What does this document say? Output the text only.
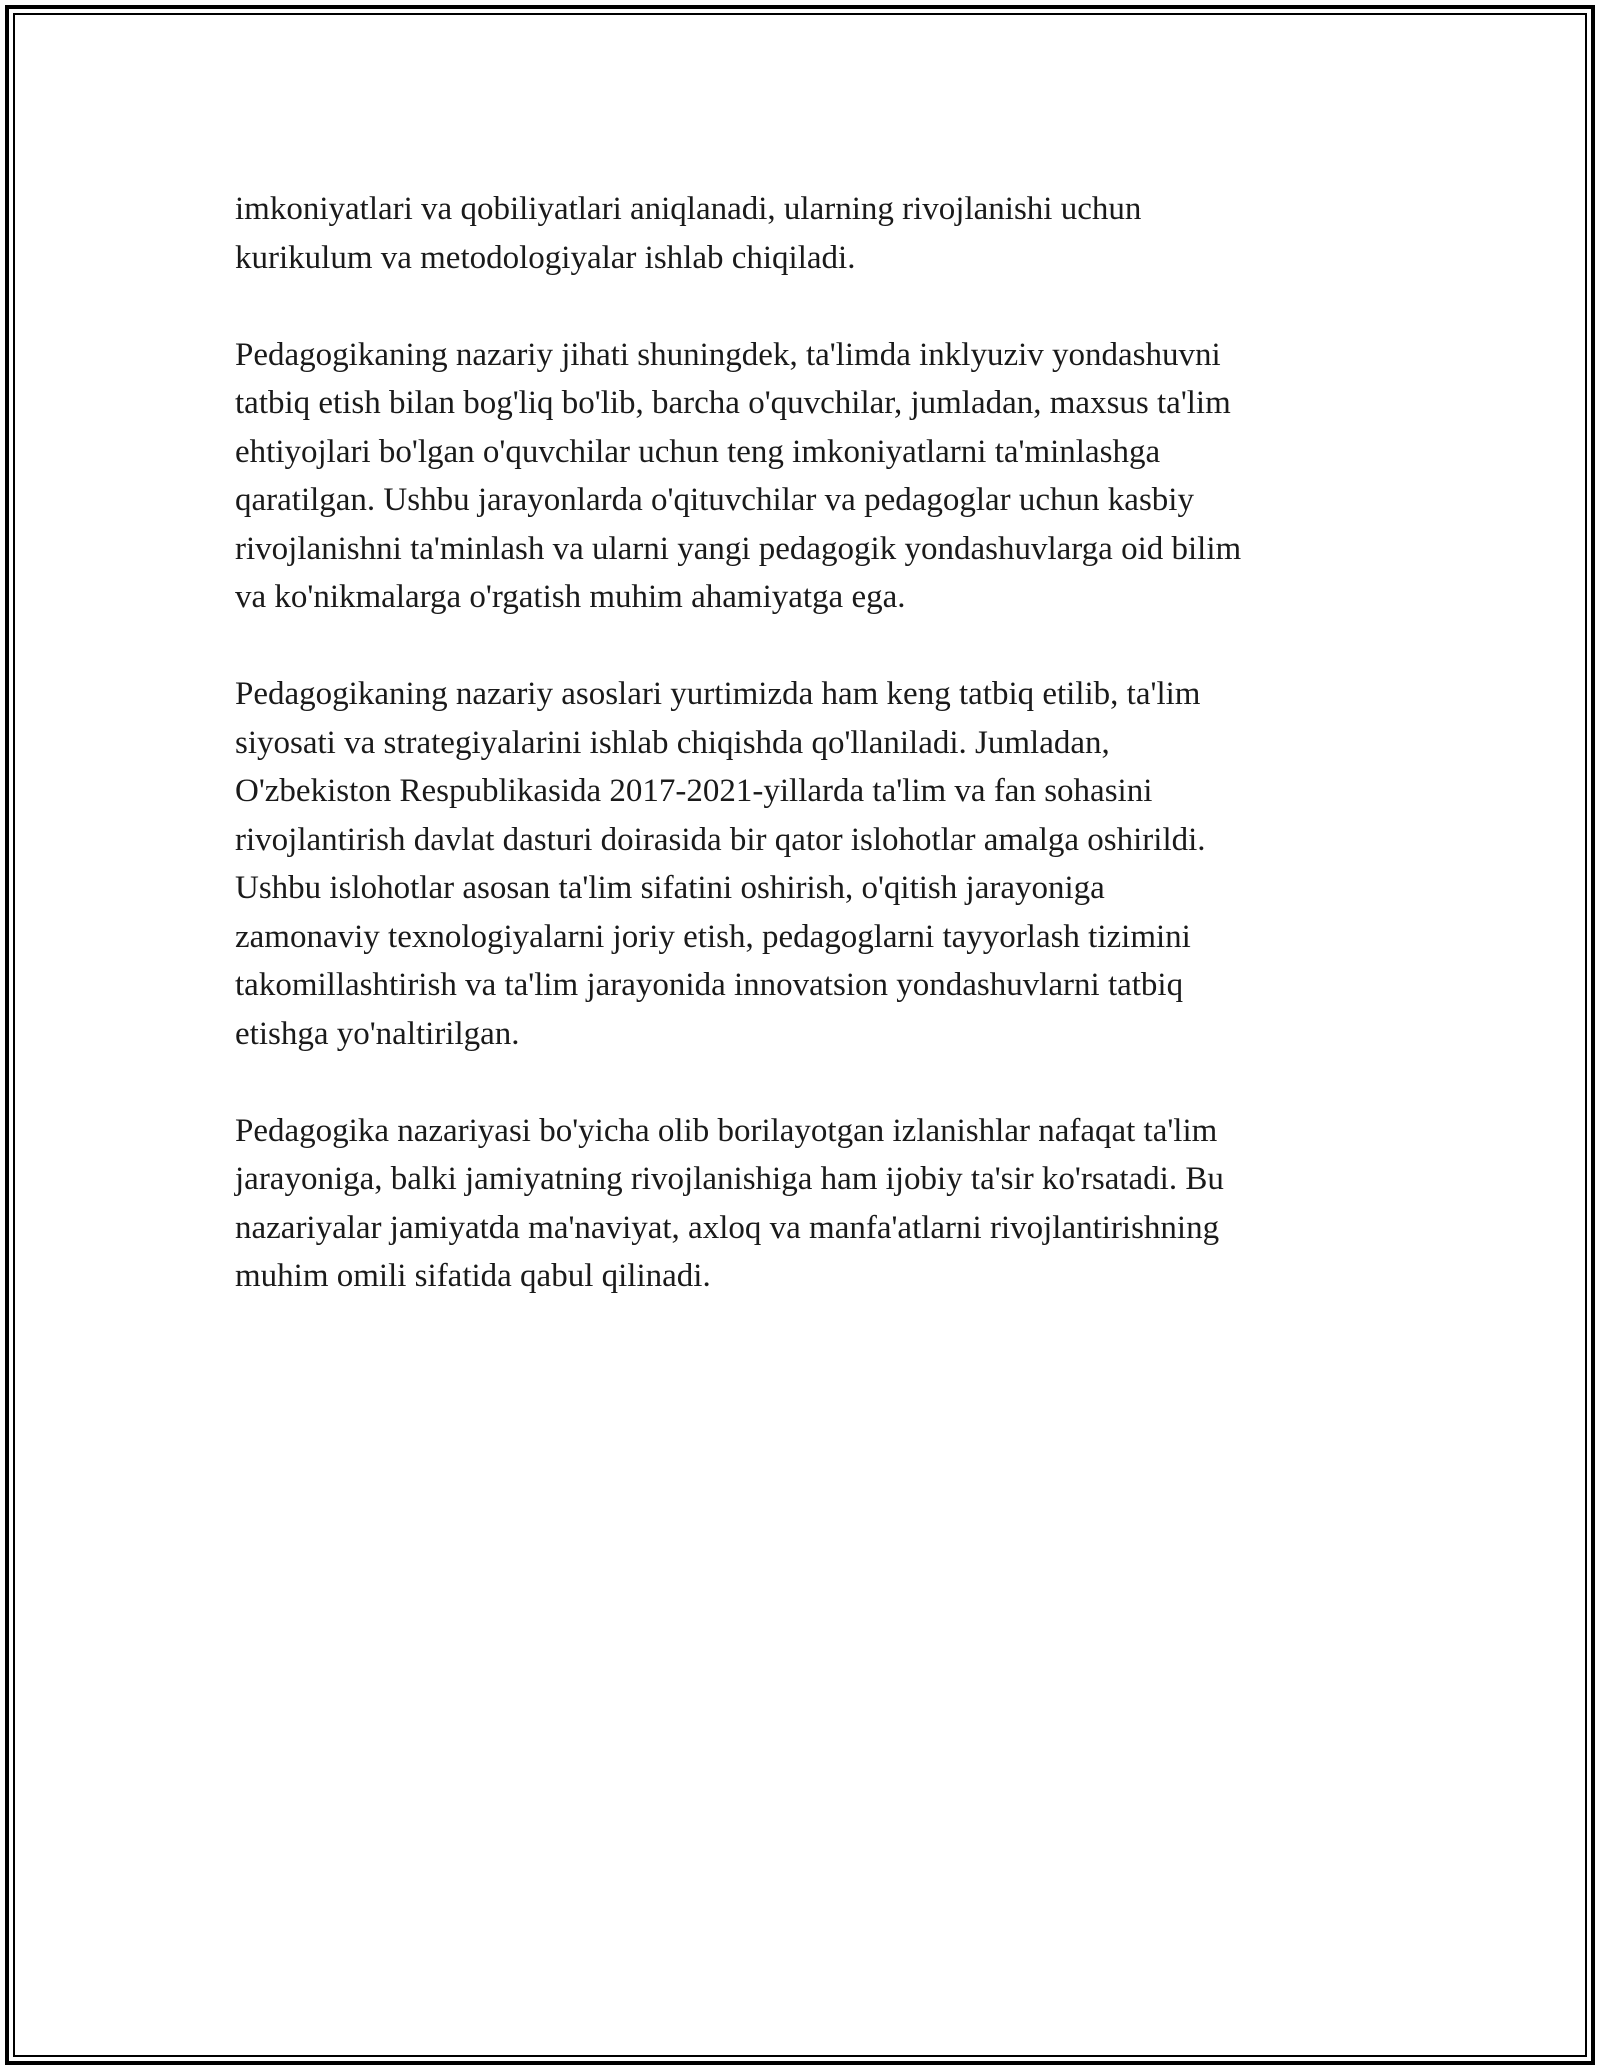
imkoniyatlari va qobiliyatlari aniqlanadi, ularning rivojlanishi uchun
kurikulum va metodologiyalar ishlab chiqiladi.

Pedagogikaning nazariy jihati shuningdek, ta'limda inklyuziv yondashuvni
tatbiq etish bilan bog'liq bo'lib, barcha o'quvchilar, jumladan, maxsus ta'lim
ehtiyojlari bo'lgan o'quvchilar uchun teng imkoniyatlarni ta'minlashga
qaratilgan. Ushbu jarayonlarda o'qituvchilar va pedagoglar uchun kasbiy
rivojlanishni ta'minlash va ularni yangi pedagogik yondashuvlarga oid bilim
va ko'nikmalarga o'rgatish muhim ahamiyatga ega.

Pedagogikaning nazariy asoslari yurtimizda ham keng tatbiq etilib, ta'lim
siyosati va strategiyalarini ishlab chiqishda qo'llaniladi. Jumladan,
O'zbekiston Respublikasida 2017-2021-yillarda ta'lim va fan sohasini
rivojlantirish davlat dasturi doirasida bir qator islohotlar amalga oshirildi.
Ushbu islohotlar asosan ta'lim sifatini oshirish, o'qitish jarayoniga
zamonaviy texnologiyalarni joriy etish, pedagoglarni tayyorlash tizimini
takomillashtirish va ta'lim jarayonida innovatsion yondashuvlarni tatbiq
etishga yo'naltirilgan.

Pedagogika nazariyasi bo'yicha olib borilayotgan izlanishlar nafaqat ta'lim
jarayoniga, balki jamiyatning rivojlanishiga ham ijobiy ta'sir ko'rsatadi. Bu
nazariyalar jamiyatda ma'naviyat, axloq va manfa'atlarni rivojlantirishning
muhim omili sifatida qabul qilinadi.
